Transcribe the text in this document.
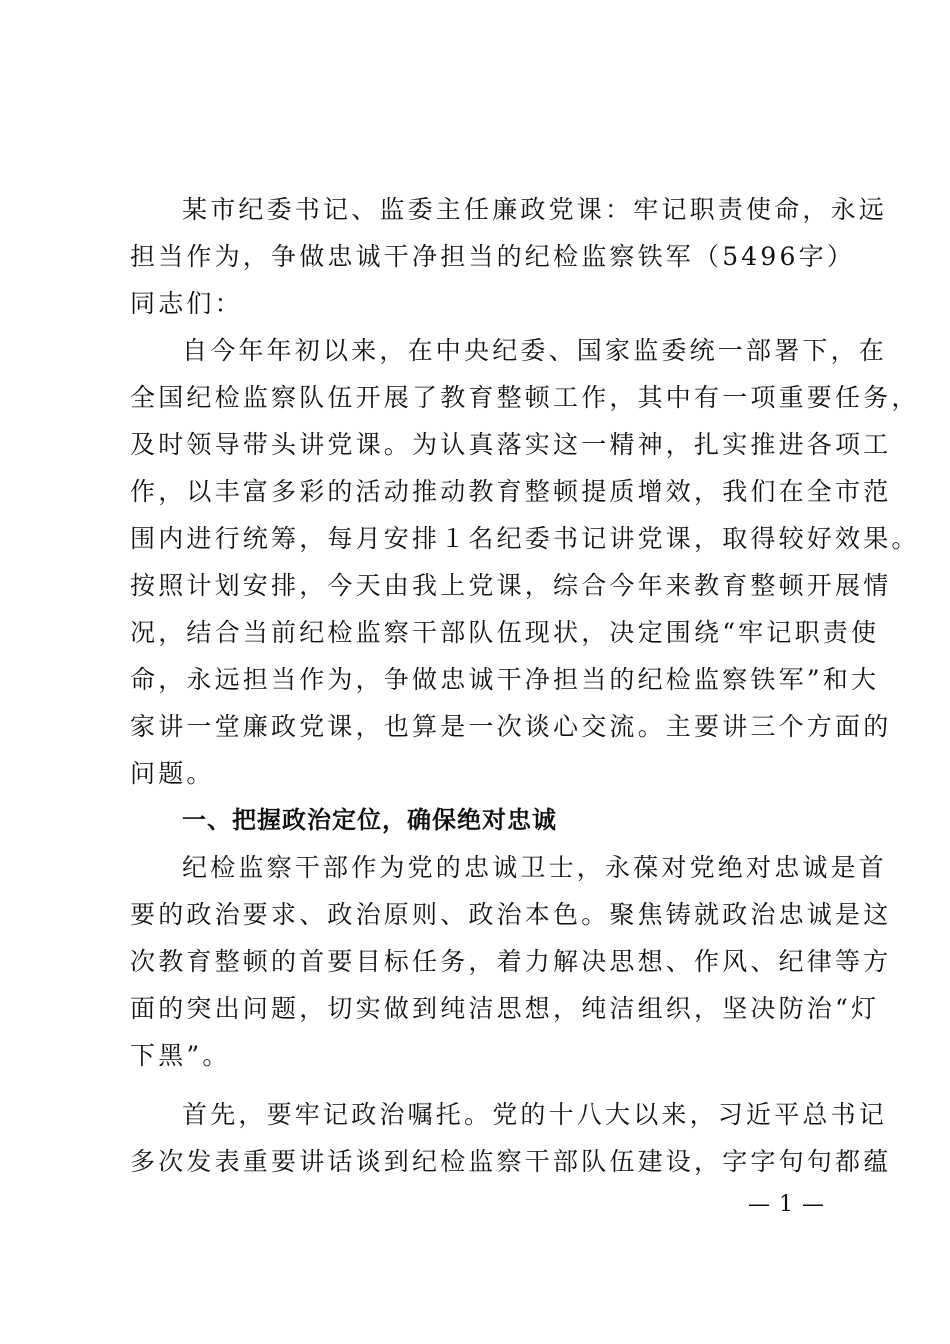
某市纪委书记、监委主任廉政党课：牢记职责使命，永远
担当作为，争做忠诚干净担当的纪检监察铁军（5496字）
同志们：
自今年年初以来，在中央纪委、国家监委统一部署下，在
全国纪检监察队伍开展了教育整顿工作，其中有一项重要任务，
及时领导带头讲党课。为认真落实这一精神，扎实推进各项工
作，以丰富多彩的活动推动教育整顿提质增效，我们在全市范
围内进行统筹，每月安排１名纪委书记讲党课，取得较好效果。
按照计划安排，今天由我上党课，综合今年来教育整顿开展情
况，结合当前纪检监察干部队伍现状，决定围绕“牢记职责使
命，永远担当作为，争做忠诚干净担当的纪检监察铁军”和大
家讲一堂廉政党课，也算是一次谈心交流。主要讲三个方面的
问题。
一、把握政治定位，确保绝对忠诚
纪检监察干部作为党的忠诚卫士，永葆对党绝对忠诚是首
要的政治要求、政治原则、政治本色。聚焦铸就政治忠诚是这
次教育整顿的首要目标任务，着力解决思想、作风、纪律等方
面的突出问题，切实做到纯洁思想，纯洁组织，坚决防治“灯
下黑”。
首先，要牢记政治嘱托。党的十八大以来，习近平总书记
多次发表重要讲话谈到纪检监察干部队伍建设，字字句句都蕴
— 1 —
